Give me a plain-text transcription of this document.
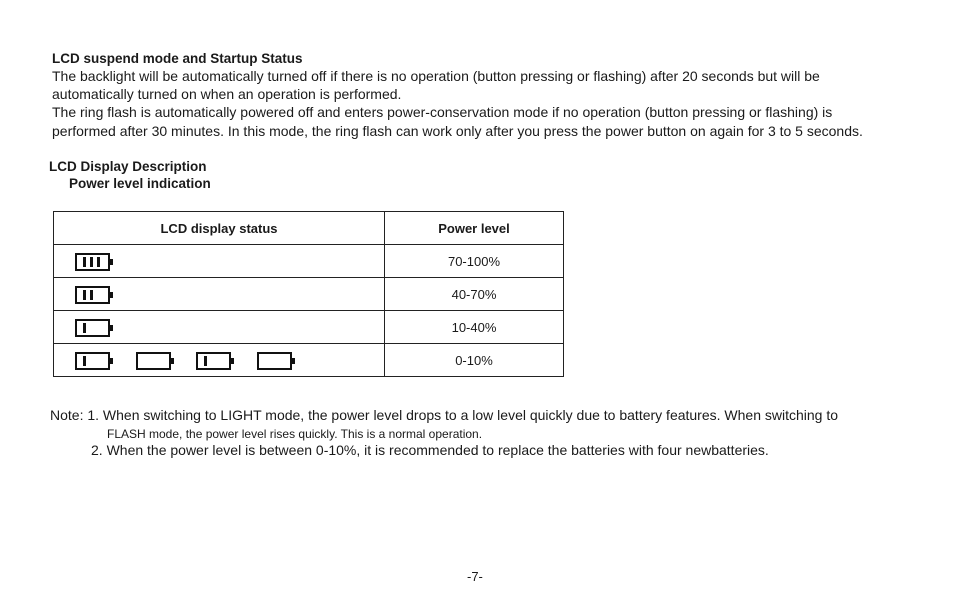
LCD suspend mode and Startup Status
The backlight will be automatically turned off if there is no operation (button pressing or flashing) after 20 seconds but will be
automatically turned on when an operation is performed.
The ring flash is automatically powered off and enters power-conservation mode if no operation (button pressing or flashing) is
performed after 30 minutes. In this mode, the ring flash can work only after you press the power button on again for 3 to 5 seconds.
LCD Display Description
Power level indication
LCD display status	Power level

	70-100%

	40-70%

	10-40%

	0-10%
Note: 1. When switching to LIGHT mode, the power level drops to a low level quickly due to battery features. When switching to
FLASH mode, the power level rises quickly. This is a normal operation.
2. When the power level is between 0-10%, it is recommended to replace the batteries with four newbatteries.
-7-
